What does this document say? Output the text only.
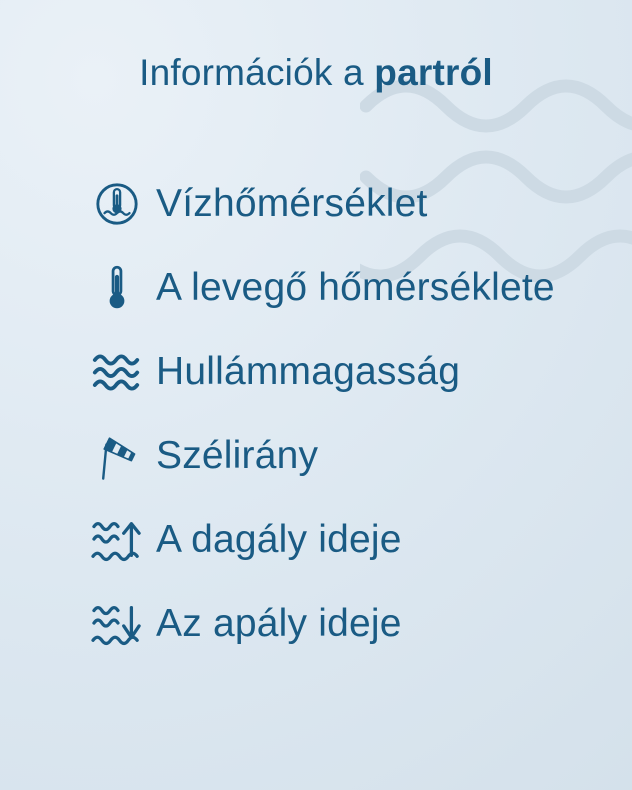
Információk a partról
Vízhőmérséklet
A levegő hőmérséklete
Hullámmagasság
Szélirány
A dagály ideje
Az apály ideje
